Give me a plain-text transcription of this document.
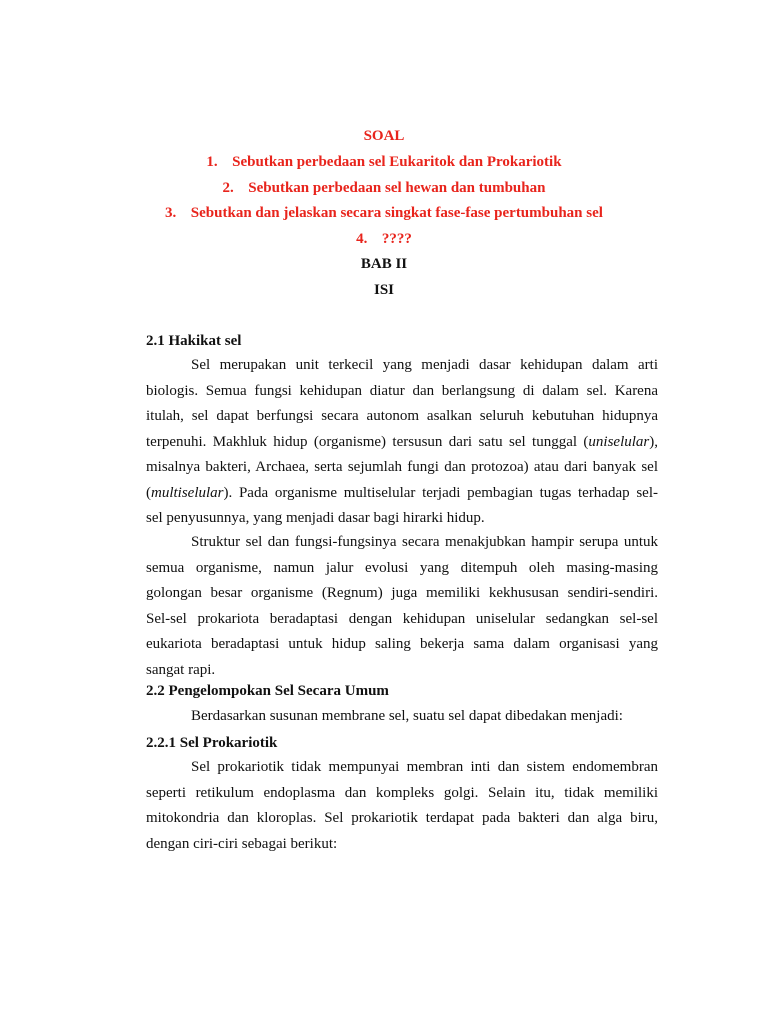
SOAL
1. Sebutkan perbedaan sel Eukaritok dan Prokariotik
2. Sebutkan perbedaan sel hewan dan tumbuhan
3. Sebutkan dan jelaskan secara singkat fase-fase pertumbuhan sel
4. ????
BAB II
ISI
2.1 Hakikat sel
Sel merupakan unit terkecil yang menjadi dasar kehidupan dalam arti
biologis. Semua fungsi kehidupan diatur dan berlangsung di dalam sel. Karena
itulah, sel dapat berfungsi secara autonom asalkan seluruh kebutuhan hidupnya
terpenuhi. Makhluk hidup (organisme) tersusun dari satu sel tunggal (uniselular),
misalnya bakteri, Archaea, serta sejumlah fungi dan protozoa) atau dari banyak sel
(multiselular). Pada organisme multiselular terjadi pembagian tugas terhadap sel-
sel penyusunnya, yang menjadi dasar bagi hirarki hidup.
Struktur sel dan fungsi-fungsinya secara menakjubkan hampir serupa untuk
semua organisme, namun jalur evolusi yang ditempuh oleh masing-masing
golongan besar organisme (Regnum) juga memiliki kekhususan sendiri-sendiri.
Sel-sel prokariota beradaptasi dengan kehidupan uniselular sedangkan sel-sel
eukariota beradaptasi untuk hidup saling bekerja sama dalam organisasi yang
sangat rapi.
2.2 Pengelompokan Sel Secara Umum
Berdasarkan susunan membrane sel, suatu sel dapat dibedakan menjadi:
2.2.1 Sel Prokariotik
Sel prokariotik tidak mempunyai membran inti dan sistem endomembran
seperti retikulum endoplasma dan kompleks golgi. Selain itu, tidak memiliki
mitokondria dan kloroplas. Sel prokariotik terdapat pada bakteri dan alga biru,
dengan ciri-ciri sebagai berikut:
